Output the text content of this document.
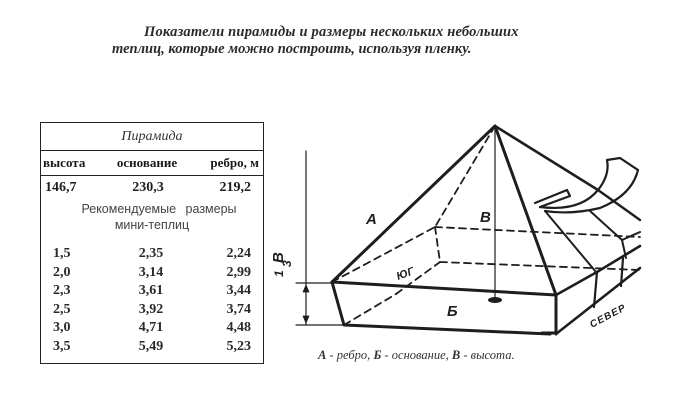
Показатели пирамиды и размеры нескольких небольших
теплиц, которые можно построить, используя пленку.
Пирамида
высота	основание	ребро, м
146,7	230,3	219,2
Рекомендуемые размеры
мини-теплиц
1,5	2,35	2,24
2,0	3,14	2,99
2,3	3,61	3,44
2,5	3,92	3,74
3,0	4,71	4,48
3,5	5,49	5,23
А	В
Б
ЮГ
СЕВЕР
1
3
В
А - ребро, Б - основание, В - высота.
